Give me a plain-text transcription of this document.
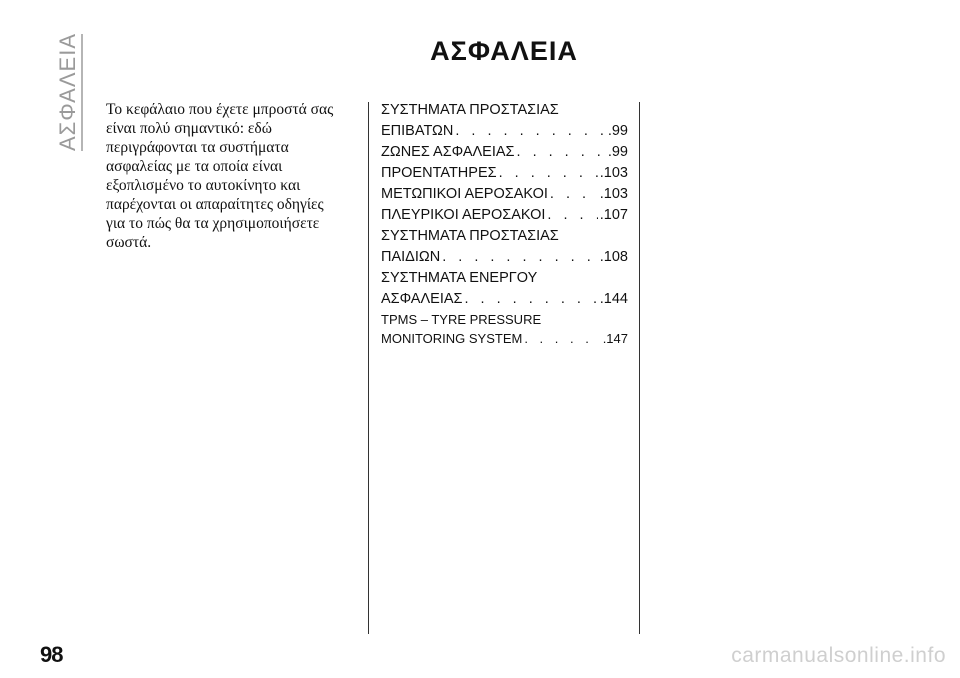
ΑΣΦΑΛΕΙΑ	ΑΣΦΑΛΕΙΑ
Το κεφάλαιο που έχετε μπροστά σας
είναι πολύ σημαντικό: εδώ
περιγράφονται τα συστήματα
ασφαλείας με τα οποία είναι
εξοπλισμένο το αυτοκίνητο και
παρέχονται οι απαραίτητες οδηγίες
για το πώς θα τα χρησιμοποιήσετε
σωστά.
ΣΥΣΤΗΜΑΤΑ ΠΡΟΣΤΑΣΙΑΣ
ΕΠΙΒΑΤΩΝ . . .	.99
ΖΩΝΕΣ ΑΣΦΑΛΕΙΑΣ . . .	.99
ΠΡΟΕΝΤΑΤΗΡΕΣ . . .	.103
ΜΕΤΩΠΙΚΟΙ ΑΕΡΟΣΑΚΟΙ . . .	.103
ΠΛΕΥΡΙΚΟΙ ΑΕΡΟΣΑΚΟΙ . . .	.107
ΣΥΣΤΗΜΑΤΑ ΠΡΟΣΤΑΣΙΑΣ
ΠΑΙΔΙΩΝ . . .	.108
ΣΥΣΤΗΜΑΤΑ ΕΝΕΡΓΟΥ
ΑΣΦΑΛΕΙΑΣ . . .	.144
TPMS – TYRE PRESSURE
MONITORING SYSTEM . . .	.147
98	carmanualsonline.info
